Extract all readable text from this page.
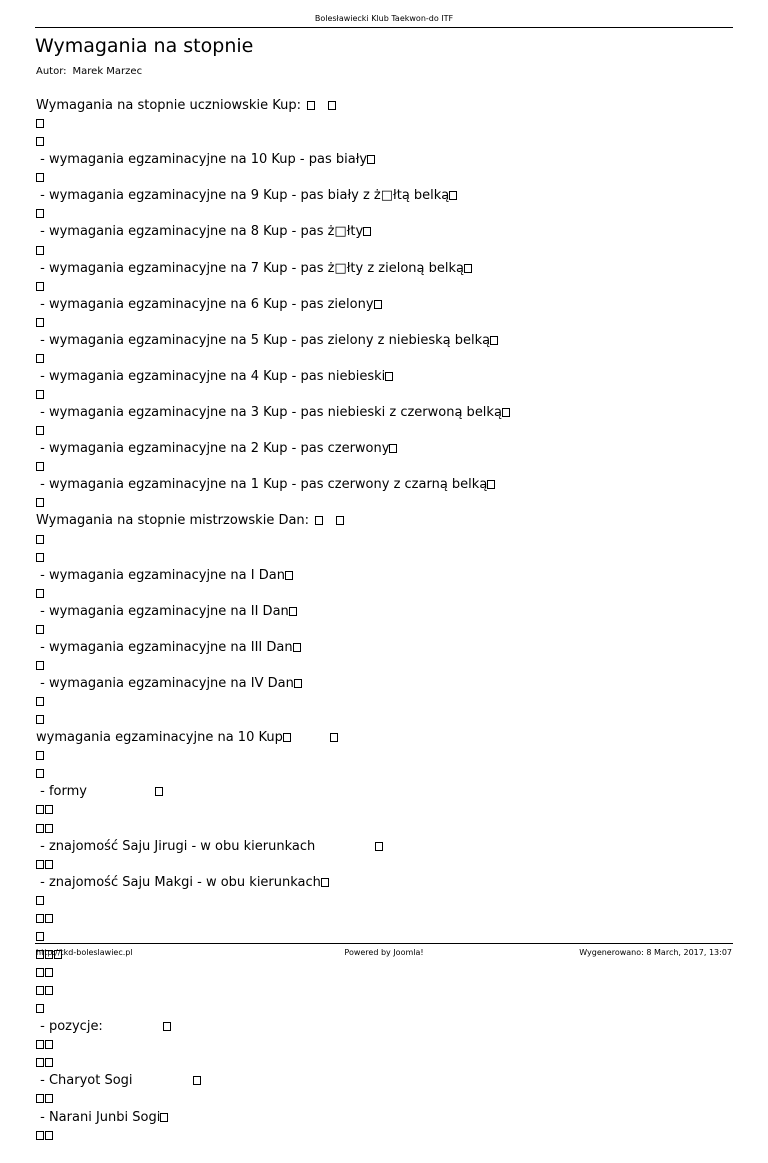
Bolesławiecki Klub Taekwon-do ITF
Wymagania na stopnie
Autor: Marek Marzec
Wymagania na stopnie uczniowskie Kup:
- wymagania egzaminacyjne na 10 Kup - pas biały
- wymagania egzaminacyjne na 9 Kup - pas biały z ż□łtą belką
- wymagania egzaminacyjne na 8 Kup - pas ż□łty
- wymagania egzaminacyjne na 7 Kup - pas ż□łty z zieloną belką
- wymagania egzaminacyjne na 6 Kup - pas zielony
- wymagania egzaminacyjne na 5 Kup - pas zielony z niebieską belką
- wymagania egzaminacyjne na 4 Kup - pas niebieski
- wymagania egzaminacyjne na 3 Kup - pas niebieski z czerwoną belką
- wymagania egzaminacyjne na 2 Kup - pas czerwony
- wymagania egzaminacyjne na 1 Kup - pas czerwony z czarną belką
Wymagania na stopnie mistrzowskie Dan:
- wymagania egzaminacyjne na I Dan
- wymagania egzaminacyjne na II Dan
- wymagania egzaminacyjne na III Dan
- wymagania egzaminacyjne na IV Dan
wymagania egzaminacyjne na 10 Kup
- formy
- znajomość Saju Jirugi - w obu kierunkach
- znajomość Saju Makgi - w obu kierunkach
- pozycje:
- Charyot Sogi
- Narani Junbi Sogi
http://tkd-boleslawiec.pl	Powered by Joomla!	Wygenerowano: 8 March, 2017, 13:07
